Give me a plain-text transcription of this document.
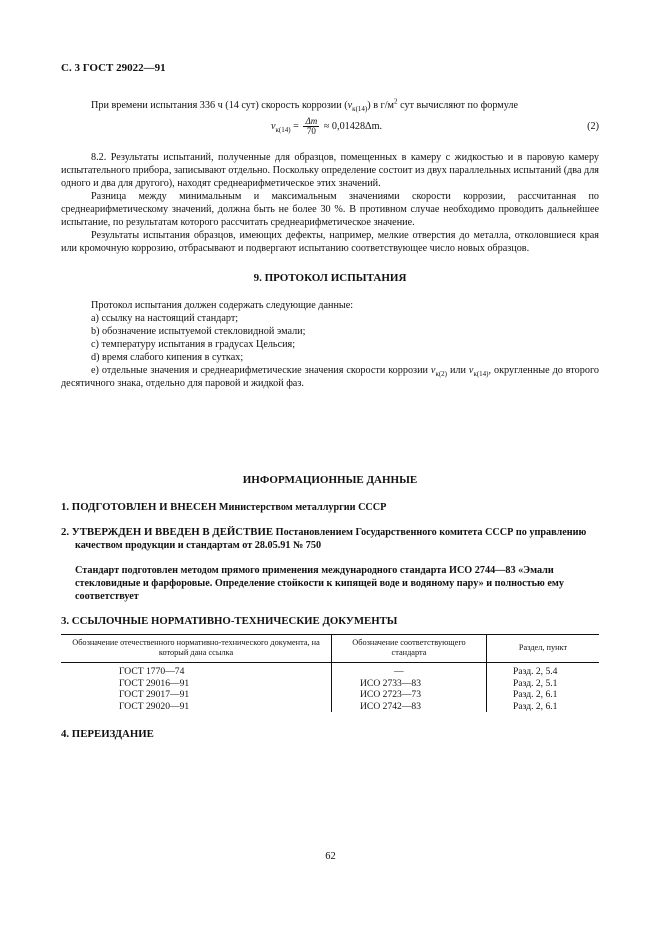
С. 3 ГОСТ 29022—91

При времени испытания 336 ч (14 сут) скорость коррозии $(v_{к(14)})$ в $г/м^2$ сут вычисляют по формуле

$v_{к(14)} = \frac{\Delta m}{70} \approx 0,01428\Delta m$.	(2)

8.2. Результаты испытаний, полученные для образцов, помещенных в камеру с жидкостью и в паровую камеру испытательного прибора, записывают отдельно. Поскольку определение состоит из двух параллельных испытаний (два для одного и два для другого), находят среднеарифметическое этих значений.

Разница между минимальным и максимальным значениями скорости коррозии, рассчитанная по среднеарифметическому значений, должна быть не более 30 %. В противном случае необходимо проводить дальнейшее испытание, по результатам которого рассчитать среднеарифметическое значение.

Результаты испытания образцов, имеющих дефекты, например, мелкие отверстия до металла, отколовшиеся края или кромочную коррозию, отбрасывают и подвергают испытанию соответствующее число новых образцов.

9. ПРОТОКОЛ ИСПЫТАНИЯ

Протокол испытания должен содержать следующие данные:

а) ссылку на настоящий стандарт;

b) обозначение испытуемой стекловидной эмали;

с) температуру испытания в градусах Цельсия;

d) время слабого кипения в сутках;

е) отдельные значения и среднеарифметические значения скорости коррозии $v_{к(2)}$ или $v_{к(14)}$, округленные до второго десятичного знака, отдельно для паровой и жидкой фаз.

ИНФОРМАЦИОННЫЕ ДАННЫЕ
1. ПОДГОТОВЛЕН И ВНЕСЕН Министерством металлургии СССР
2. УТВЕРЖДЕН И ВВЕДЕН В ДЕЙСТВИЕ Постановлением Государственного комитета СССР по управлению качеством продукции и стандартам от 28.05.91 № 750
Стандарт подготовлен методом прямого применения международного стандарта ИСО 2744—83 «Эмали стекловидные и фарфоровые. Определение стойкости к кипящей воде и водяному пару» и полностью ему соответствует
3. ССЫЛОЧНЫЕ НОРМАТИВНО-ТЕХНИЧЕСКИЕ ДОКУМЕНТЫ
Обозначение отечественного нормативно-технического документа, на который дана ссылка	Обозначение соответствующего стандарта	Раздел, пункт
ГОСТ 1770—74	—	Разд. 2, 5.4
ГОСТ 29016—91	ИСО 2733—83	Разд. 2, 5.1
ГОСТ 29017—91	ИСО 2723—73	Разд. 2, 6.1
ГОСТ 29020—91	ИСО 2742—83	Разд. 2, 6.1
4. ПЕРЕИЗДАНИЕ
62
